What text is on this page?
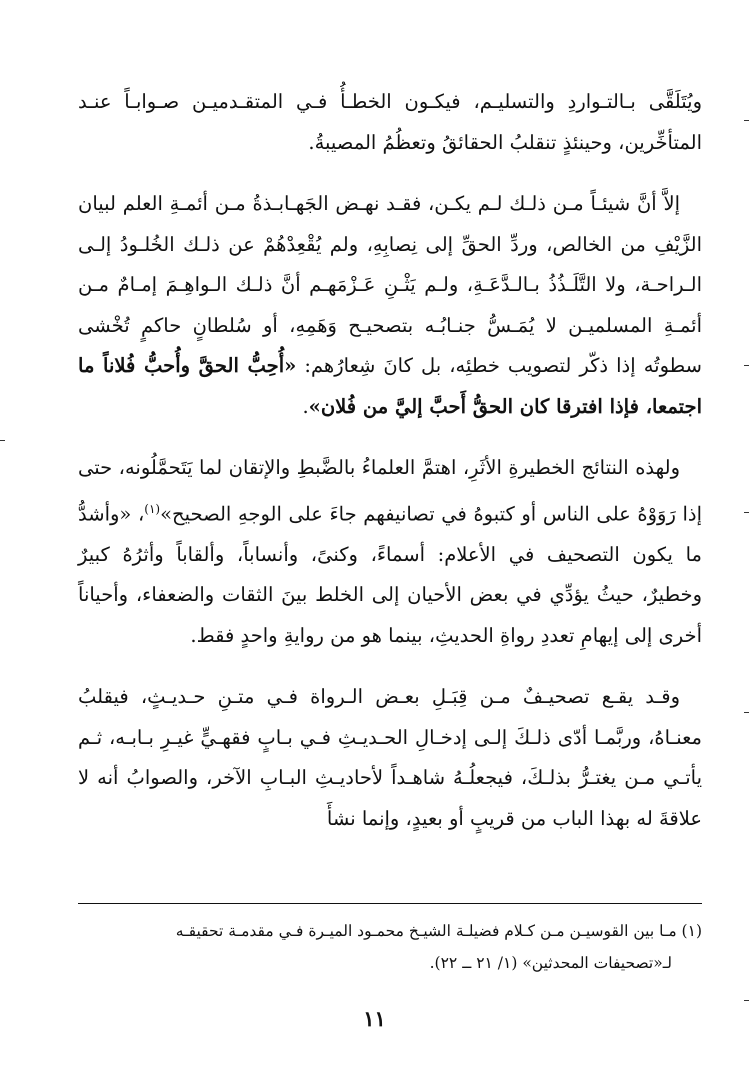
ويُتَلَقَّى بـالتـواردِ والتسليـم، فيكـون الخطـأُ فـي المتقـدميـن صـوابـاً عنـد المتأخِّرين، وحينئذٍ تنقلبُ الحقائقُ وتعظُمُ المصيبةُ.

إلاَّ أنَّ شيئـاً مـن ذلـك لـم يكـن، فقـد نهـض الجَهـابـذةُ مـن أئمـةِ العلم لبيان الزَّيْفِ من الخالص، وردِّ الحقِّ إلى نِصابِهِ، ولم يُقْعِدْهُمْ عن ذلـك الخُلـودُ إلـى الـراحـة، ولا التَّلَـذُذُ بـالـدَّعَـةِ، ولـم يَثْـنِ عَـزْمَهـم أنَّ ذلـك الـواهِـمَ إمـامٌ مـن أئمـةِ المسلميـن لا يُمَـسُّ جنـابُـه بتصحيـح وَهَمِهِ، أو سُلطانٍ حاكمٍ تُخْشى سطوتُه إذا ذكّر لتصويب خطئِه، بل كانَ شِعارُهم: «أُحِبُّ الحقَّ وأُحبُّ فُلاناً ما اجتمعا، فإذا افترقا كان الحقُّ أَحبَّ إليَّ من فُلان».

ولهذه النتائج الخطيرةِ الأثَرِ، اهتمَّ العلماءُ بالضَّبطِ والإتقان لما يَتَحمَّلُونه، حتى إذا رَوَوْهُ على الناس أو كتبوهُ في تصانيفهم جاءَ على الوجهِ الصحيح»$^{(١)}$، «وأشدُّ ما يكون التصحيف في الأعلام: أسماءً، وكنىً، وأنساباً، وألقاباً وأثرُهُ كبيرٌ وخطيرٌ، حيثُ يؤدِّي في بعض الأحيان إلى الخلط بينَ الثقات والضعفاء، وأحياناً أخرى إلى إيهامِ تعددِ رواةِ الحديثِ، بينما هو من روايةِ واحدٍ فقط.

وقـد يقـع تصحيـفٌ مـن قِبَـلِ بعـض الـرواة فـي متـنِ حـديـثٍ، فيقلبُ معنـاهُ، وربَّمـا أدّى ذلـكَ إلـى إدخـالِ الحـديـثِ فـي بـابٍ فقهـيٍّ غيـرِ بـابـه، ثـم يأتـي مـن يغتـرُّ بذلـكَ، فيجعلُـهُ شاهـداً لأحاديـثِ البـابِ الآخر، والصوابُ أنه لا علاقةَ له بهذا الباب من قريبٍ أو بعيدٍ، وإنما نشأَ

(١) مـا بين القوسيـن مـن كـلام فضيلـة الشيـخ محمـود الميـرة فـي مقدمـة تحقيقـه

لـ«تصحيفات المحدثين» (١/ ٢١ ــ ٢٢).

١١
